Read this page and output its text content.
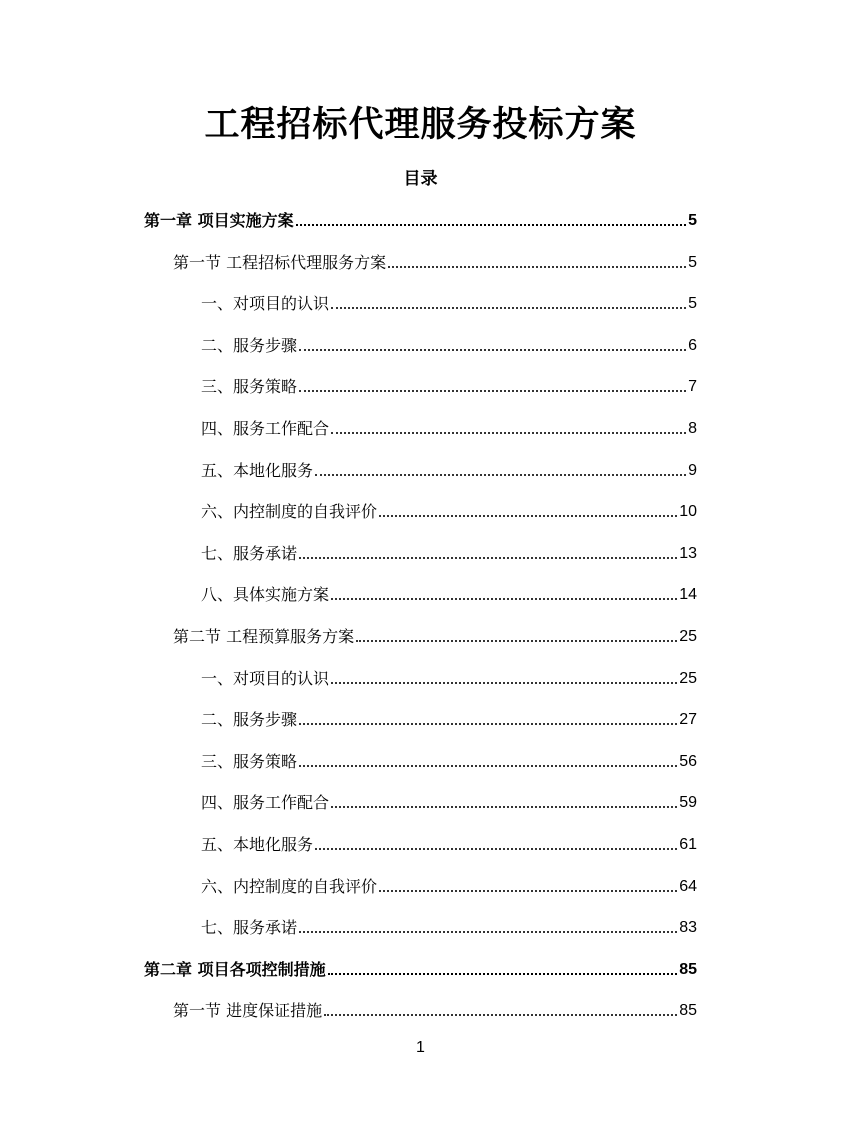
工程招标代理服务投标方案
目录
第一章 项目实施方案	5
第一节 工程招标代理服务方案	5
一、对项目的认识	5
二、服务步骤	6
三、服务策略	7
四、服务工作配合	8
五、本地化服务	9
六、内控制度的自我评价	10
七、服务承诺	13
八、具体实施方案	14
第二节 工程预算服务方案	25
一、对项目的认识	25
二、服务步骤	27
三、服务策略	56
四、服务工作配合	59
五、本地化服务	61
六、内控制度的自我评价	64
七、服务承诺	83
第二章 项目各项控制措施	85
第一节 进度保证措施	85
1
